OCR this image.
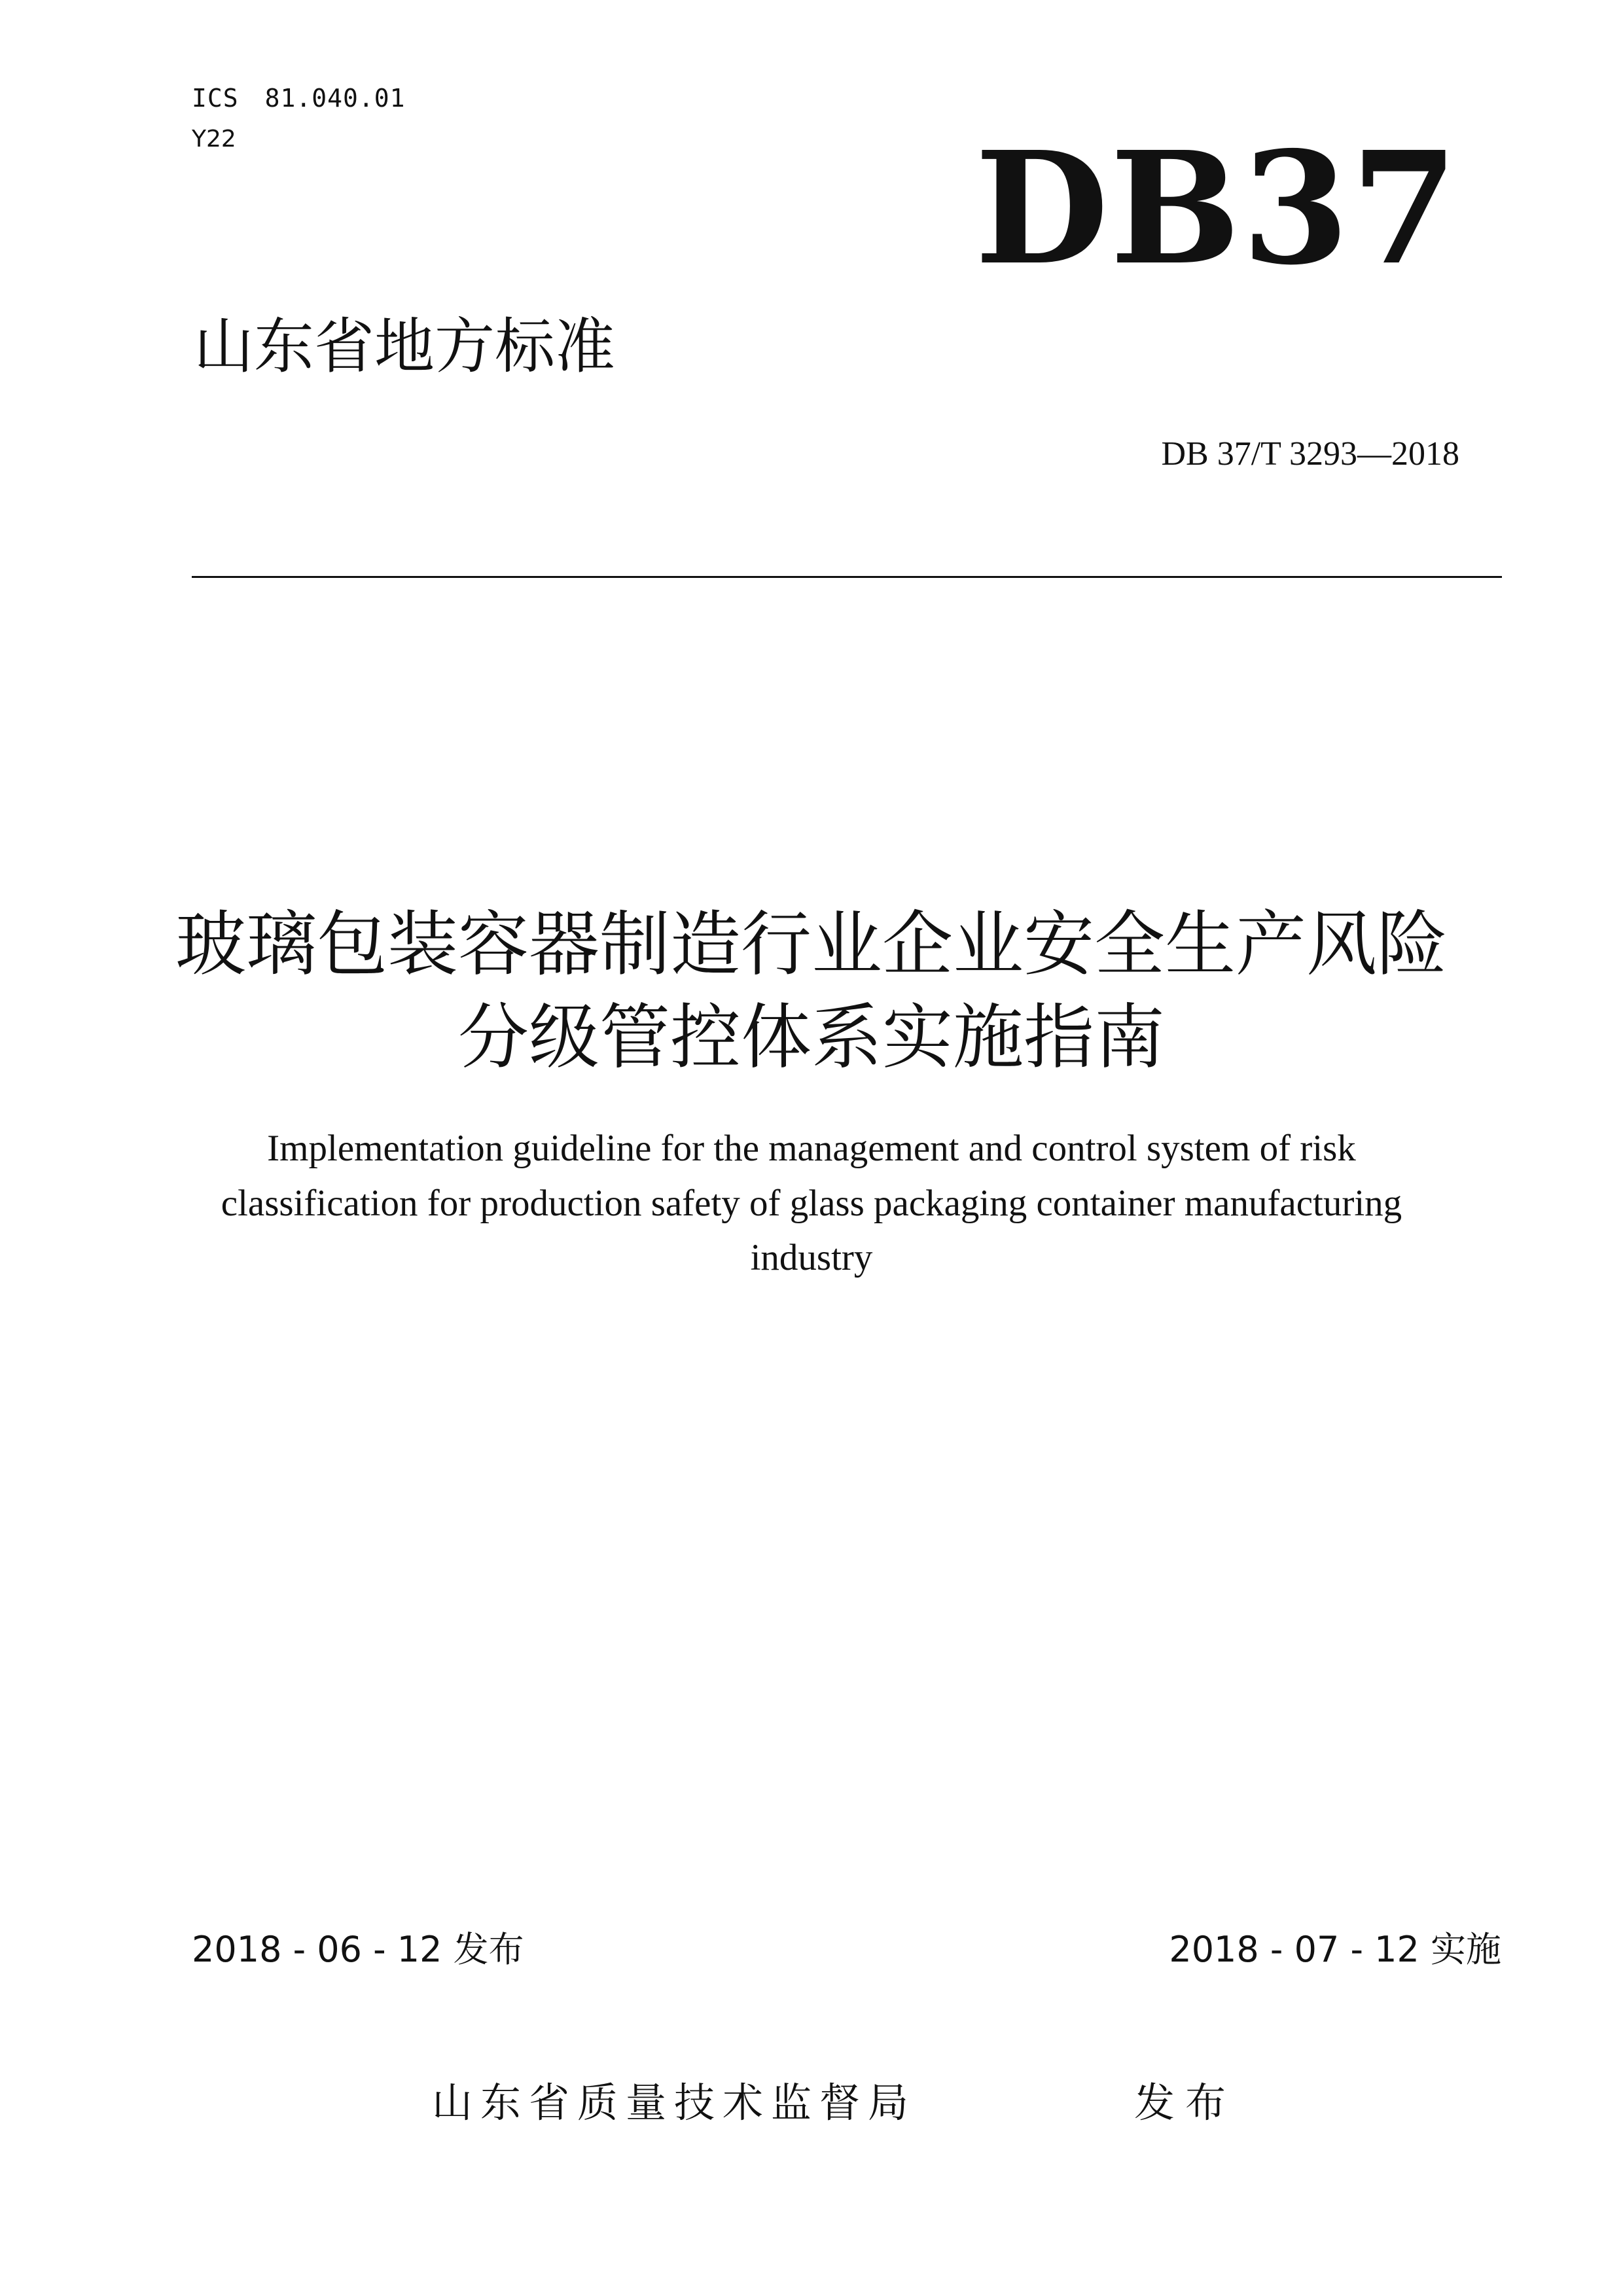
ICS 81.040.01
Y22	DB37
山东省地方标准
DB 37/T 3293—2018
玻璃包装容器制造行业企业安全生产风险
分级管控体系实施指南
Implementation guideline for the management and control system of risk
classification for production safety of glass packaging container manufacturing
industry
2018 - 06 - 12 发布	2018 - 07 - 12 实施
山东省质量技术监督局	发布
